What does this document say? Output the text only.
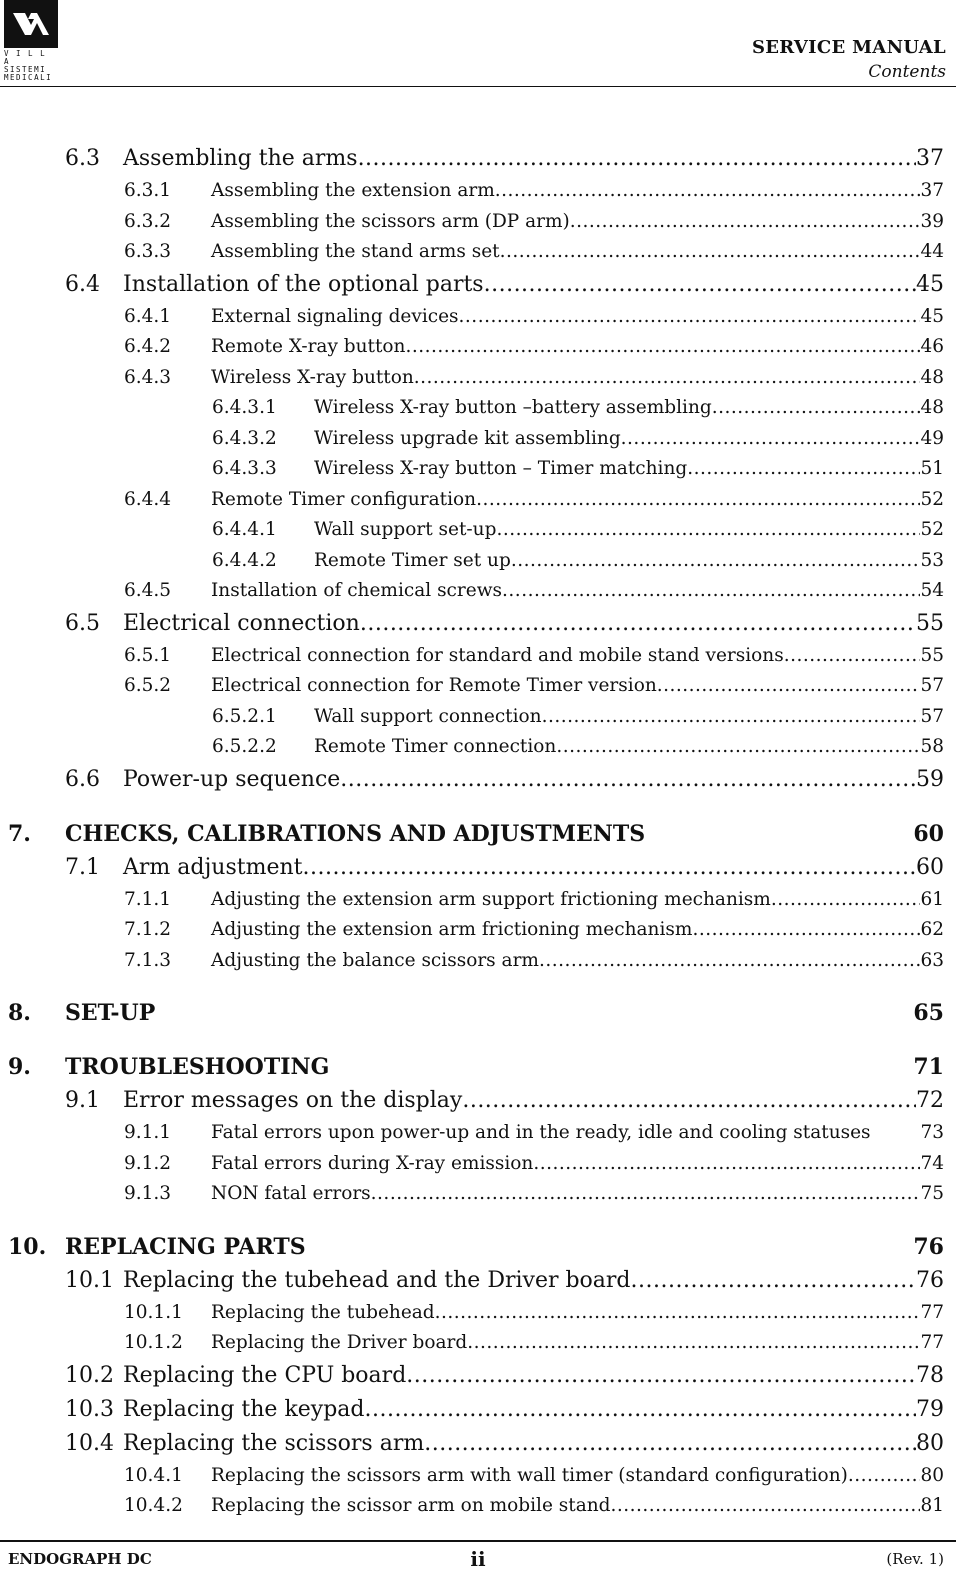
V I L L A
SISTEMI
MEDICALI
SERVICE MANUAL
Contents
6.3	Assembling the arms .....	37
6.3.1	Assembling the extension arm .....	37
6.3.2	Assembling the scissors arm (DP arm) .....	39
6.3.3	Assembling the stand arms set .....	44
6.4	Installation of the optional parts .....	45
6.4.1	External signaling devices .....	45
6.4.2	Remote X-ray button .....	46
6.4.3	Wireless X-ray button .....	48
6.4.3.1	Wireless X-ray button –battery assembling .....	48
6.4.3.2	Wireless upgrade kit assembling .....	49
6.4.3.3	Wireless X-ray button – Timer matching .....	51
6.4.4	Remote Timer configuration .....	52
6.4.4.1	Wall support set-up .....	52
6.4.4.2	Remote Timer set up .....	53
6.4.5	Installation of chemical screws .....	54
6.5	Electrical connection .....	55
6.5.1	Electrical connection for standard and mobile stand versions .....	55
6.5.2	Electrical connection for Remote Timer version .....	57
6.5.2.1	Wall support connection .....	57
6.5.2.2	Remote Timer connection .....	58
6.6	Power-up sequence .....	59
7.	CHECKS, CALIBRATIONS AND ADJUSTMENTS	60
7.1	Arm adjustment .....	60
7.1.1	Adjusting the extension arm support frictioning mechanism .....	61
7.1.2	Adjusting the extension arm frictioning mechanism .....	62
7.1.3	Adjusting the balance scissors arm .....	63
8.	SET-UP	65
9.	TROUBLESHOOTING	71
9.1	Error messages on the display .....	72
9.1.1	Fatal errors upon power-up and in the ready, idle and cooling statuses	73
9.1.2	Fatal errors during X-ray emission .....	74
9.1.3	NON fatal errors .....	75
10. REPLACING PARTS	76
10.1 Replacing the tubehead and the Driver board .....	76
10.1.1	Replacing the tubehead .....	77
10.1.2	Replacing the Driver board .....	77
10.2 Replacing the CPU board .....	78
10.3 Replacing the keypad .....	79
10.4 Replacing the scissors arm .....	80
10.4.1	Replacing the scissors arm with wall timer (standard configuration) .....	80
10.4.2	Replacing the scissor arm on mobile stand .....	81
ENDOGRAPH DC	ii	(Rev. 1)
